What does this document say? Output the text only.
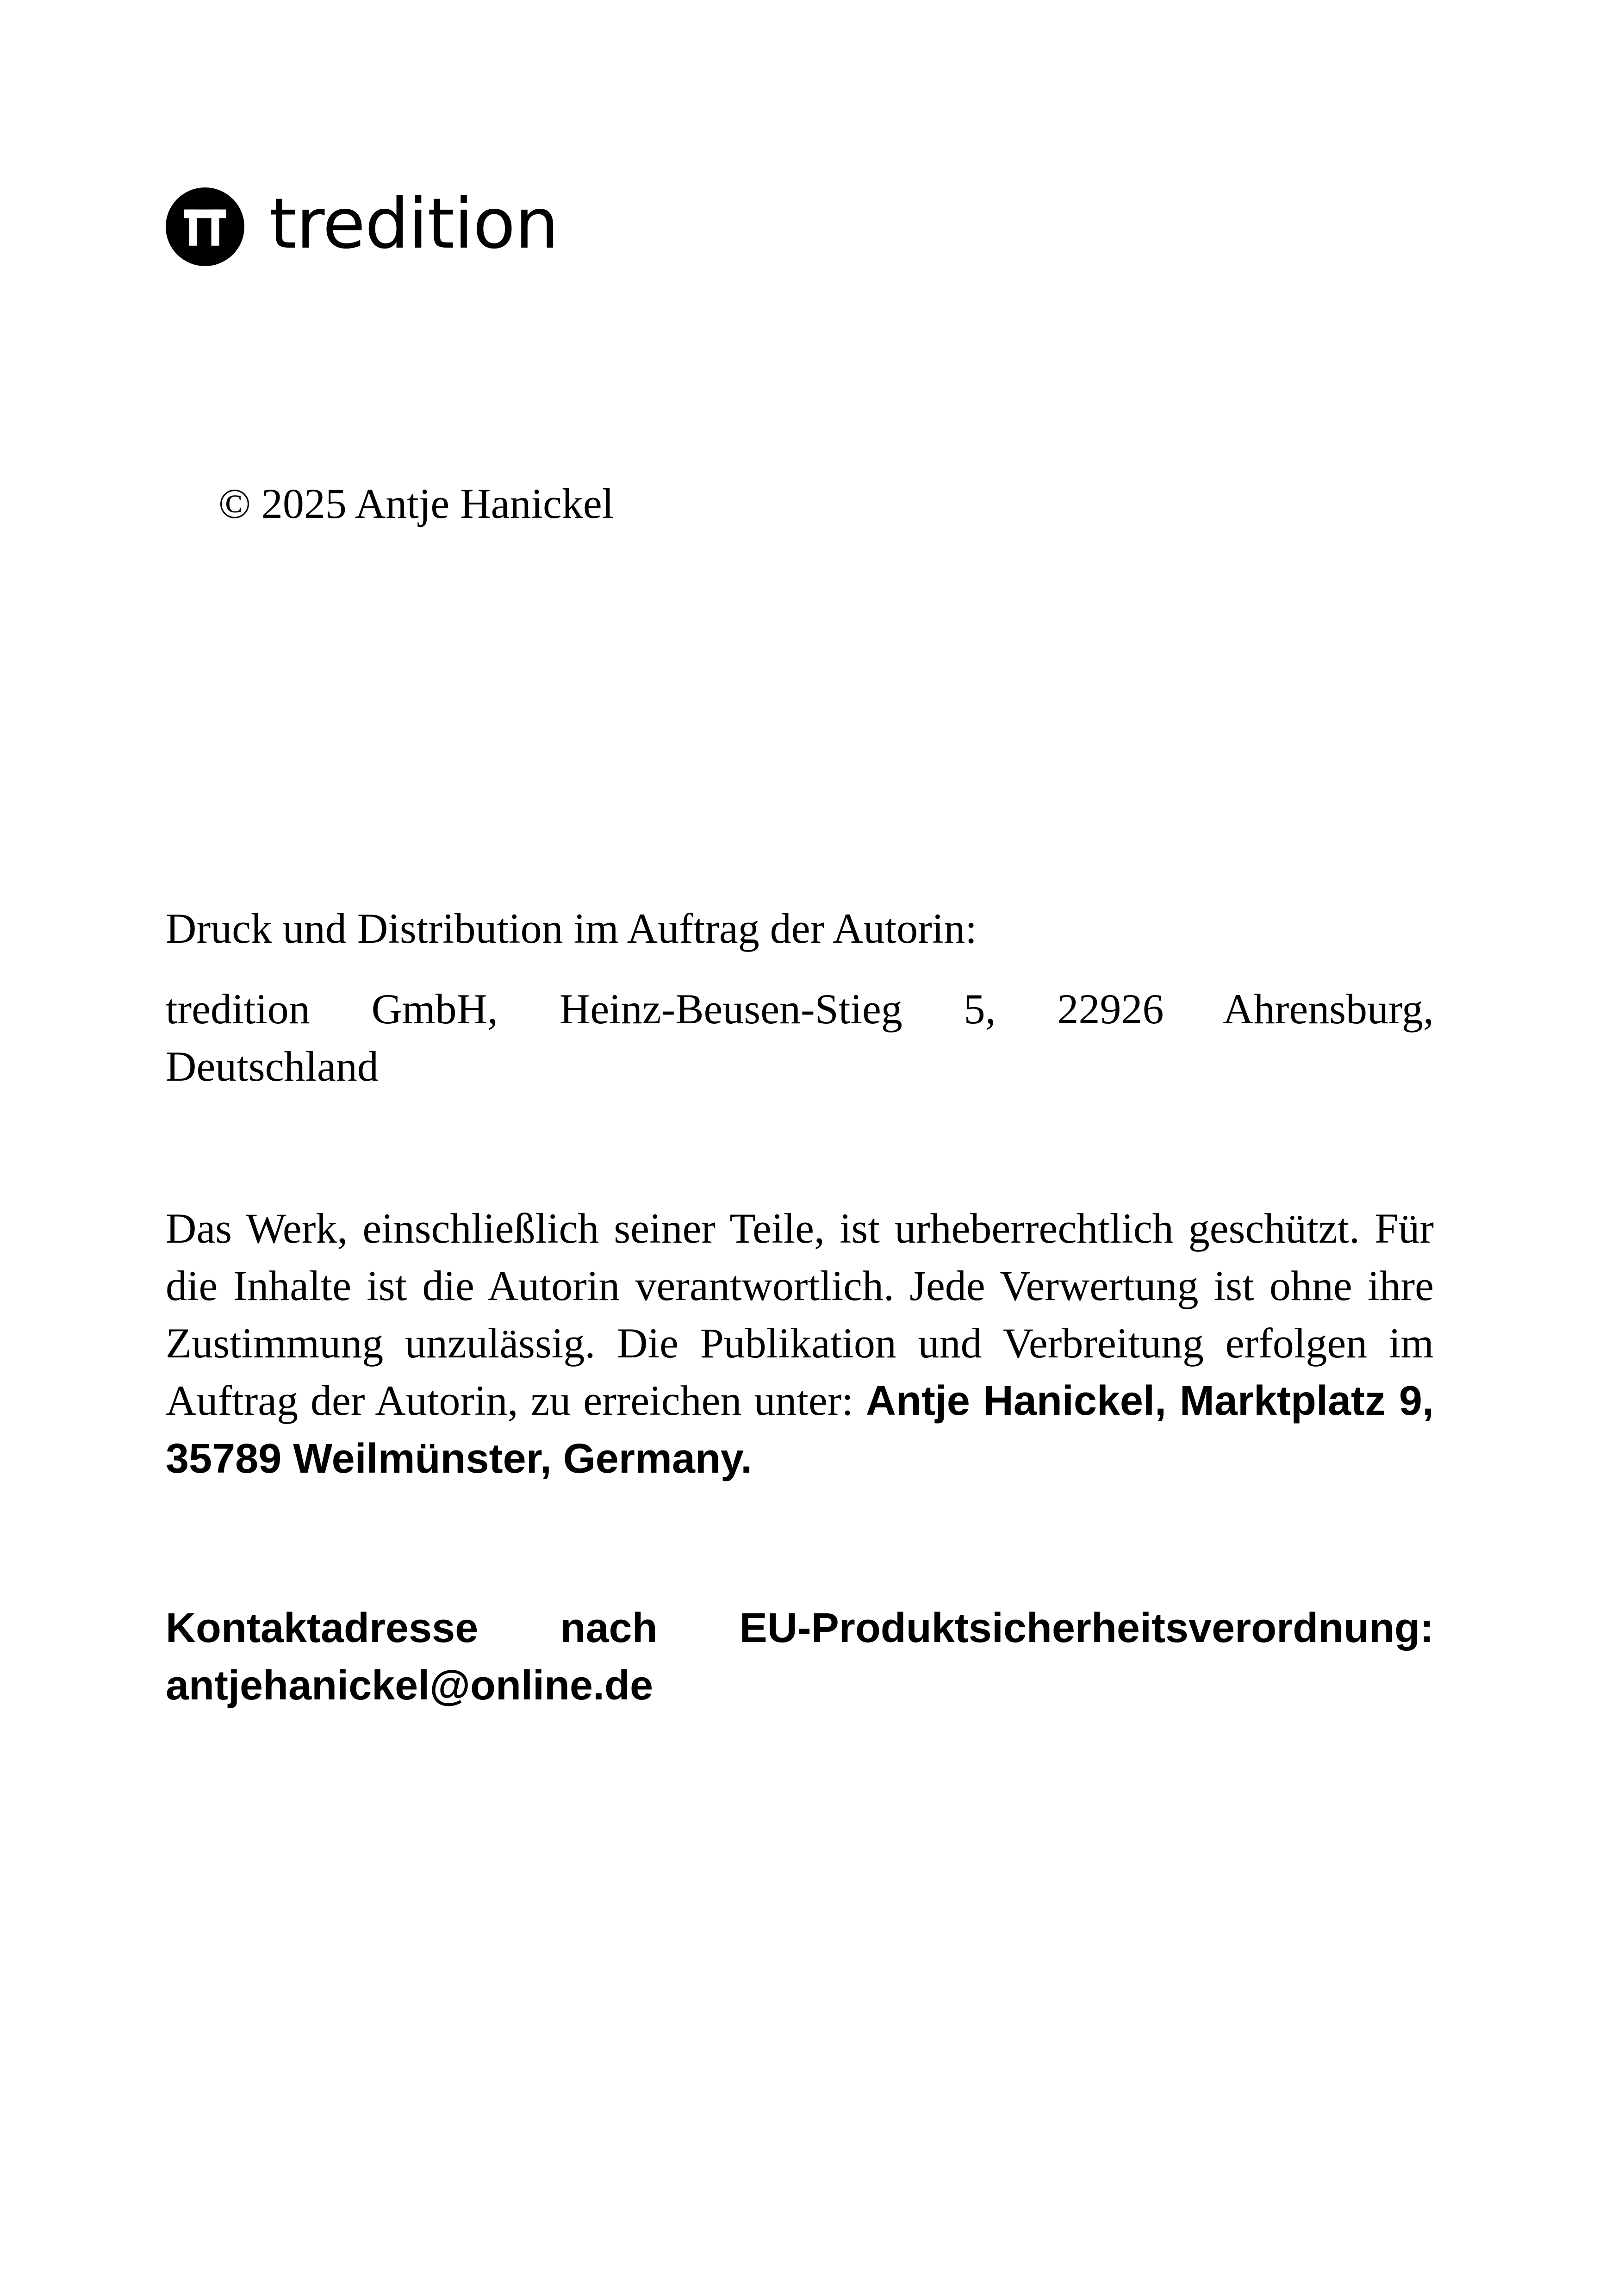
tredition
© 2025 Antje Hanickel
Druck und Distribution im Auftrag der Autorin:
tredition GmbH, Heinz-Beusen-Stieg 5, 22926 Ahrensburg,
Deutschland
Das Werk, einschließlich seiner Teile, ist urheberrechtlich geschützt. Für die Inhalte ist die Autorin verantwortlich. Jede Verwertung ist ohne ihre Zustimmung unzulässig. Die Publikation und Verbreitung erfolgen im Auftrag der Autorin, zu erreichen unter: Antje Hanickel, Marktplatz 9, 35789 Weilmünster, Germany.
Kontaktadresse nach EU-Produktsicherheitsverordnung:
antjehanickel@online.de
